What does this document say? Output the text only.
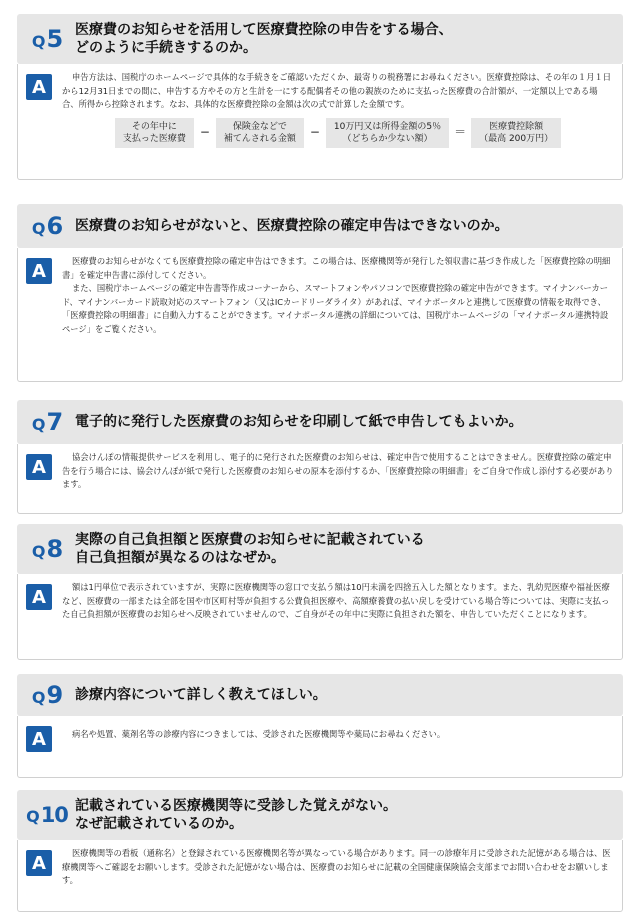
Q 5 医療費のお知らせを活用して医療費控除の申告をする場合、
どのように手続きするのか。
A	申告方法は、国税庁のホームページで具体的な手続きをご確認いただくか、最寄りの税務署にお尋ねください。医療費控除は、その年の１月１日から12月31日までの間に、申告する方やその方と生計を一にする配偶者その他の親族のために支払った医療費の合計額が、一定額以上である場合、所得から控除されます。なお、具体的な医療費控除の金額は次の式で計算した金額です。

その年中に
支払った医療費	−	保険金などで
補てんされる金額	−	10万円又は所得金額の5％
（どちらか少ない額）	＝	医療費控除額
（最高 200万円）
Q 6 医療費のお知らせがないと、医療費控除の確定申告はできないのか。
A	医療費のお知らせがなくても医療費控除の確定申告はできます。この場合は、医療機関等が発行した領収書に基づき作成した「医療費控除の明細書」を確定申告書に添付してください。

また、国税庁ホームページの確定申告書等作成コーナーから、スマートフォンやパソコンで医療費控除の確定申告ができます。マイナンバーカード、マイナンバーカード読取対応のスマートフォン（又はICカードリーダライタ）があれば、マイナポータルと連携して医療費の情報を取得でき、「医療費控除の明細書」に自動入力することができます。マイナポータル連携の詳細については、国税庁ホームページの「マイナポータル連携特設ページ」をご覧ください。

Q 7 電子的に発行した医療費のお知らせを印刷して紙で申告してもよいか。
A	協会けんぽの情報提供サービスを利用し、電子的に発行された医療費のお知らせは、確定申告で使用することはできません。医療費控除の確定申告を行う場合には、協会けんぽが紙で発行した医療費のお知らせの原本を添付するか、「医療費控除の明細書」をご自身で作成し添付する必要があります。

Q 8 実際の自己負担額と医療費のお知らせに記載されている
自己負担額が異なるのはなぜか。
A	額は1円単位で表示されていますが、実際に医療機関等の窓口で支払う額は10円未満を四捨五入した額となります。また、乳幼児医療や福祉医療など、医療費の一部または全部を国や市区町村等が負担する公費負担医療や、高額療養費の払い戻しを受けている場合等については、実際に支払った自己負担額が医療費のお知らせへ反映されていませんので、ご自身がその年中に実際に負担された額を、申告していただくことになります。

Q 9 診療内容について詳しく教えてほしい。
A	病名や処置、薬剤名等の診療内容につきましては、受診された医療機関等や薬局にお尋ねください。

Q 10 記載されている医療機関等に受診した覚えがない。
なぜ記載されているのか。
A	医療機関等の看板（通称名）と登録されている医療機関名等が異なっている場合があります。同一の診療年月に受診された記憶がある場合は、医療機関等へご確認をお願いします。受診された記憶がない場合は、医療費のお知らせに記載の全国健康保険協会支部までお問い合わせをお願いします。
